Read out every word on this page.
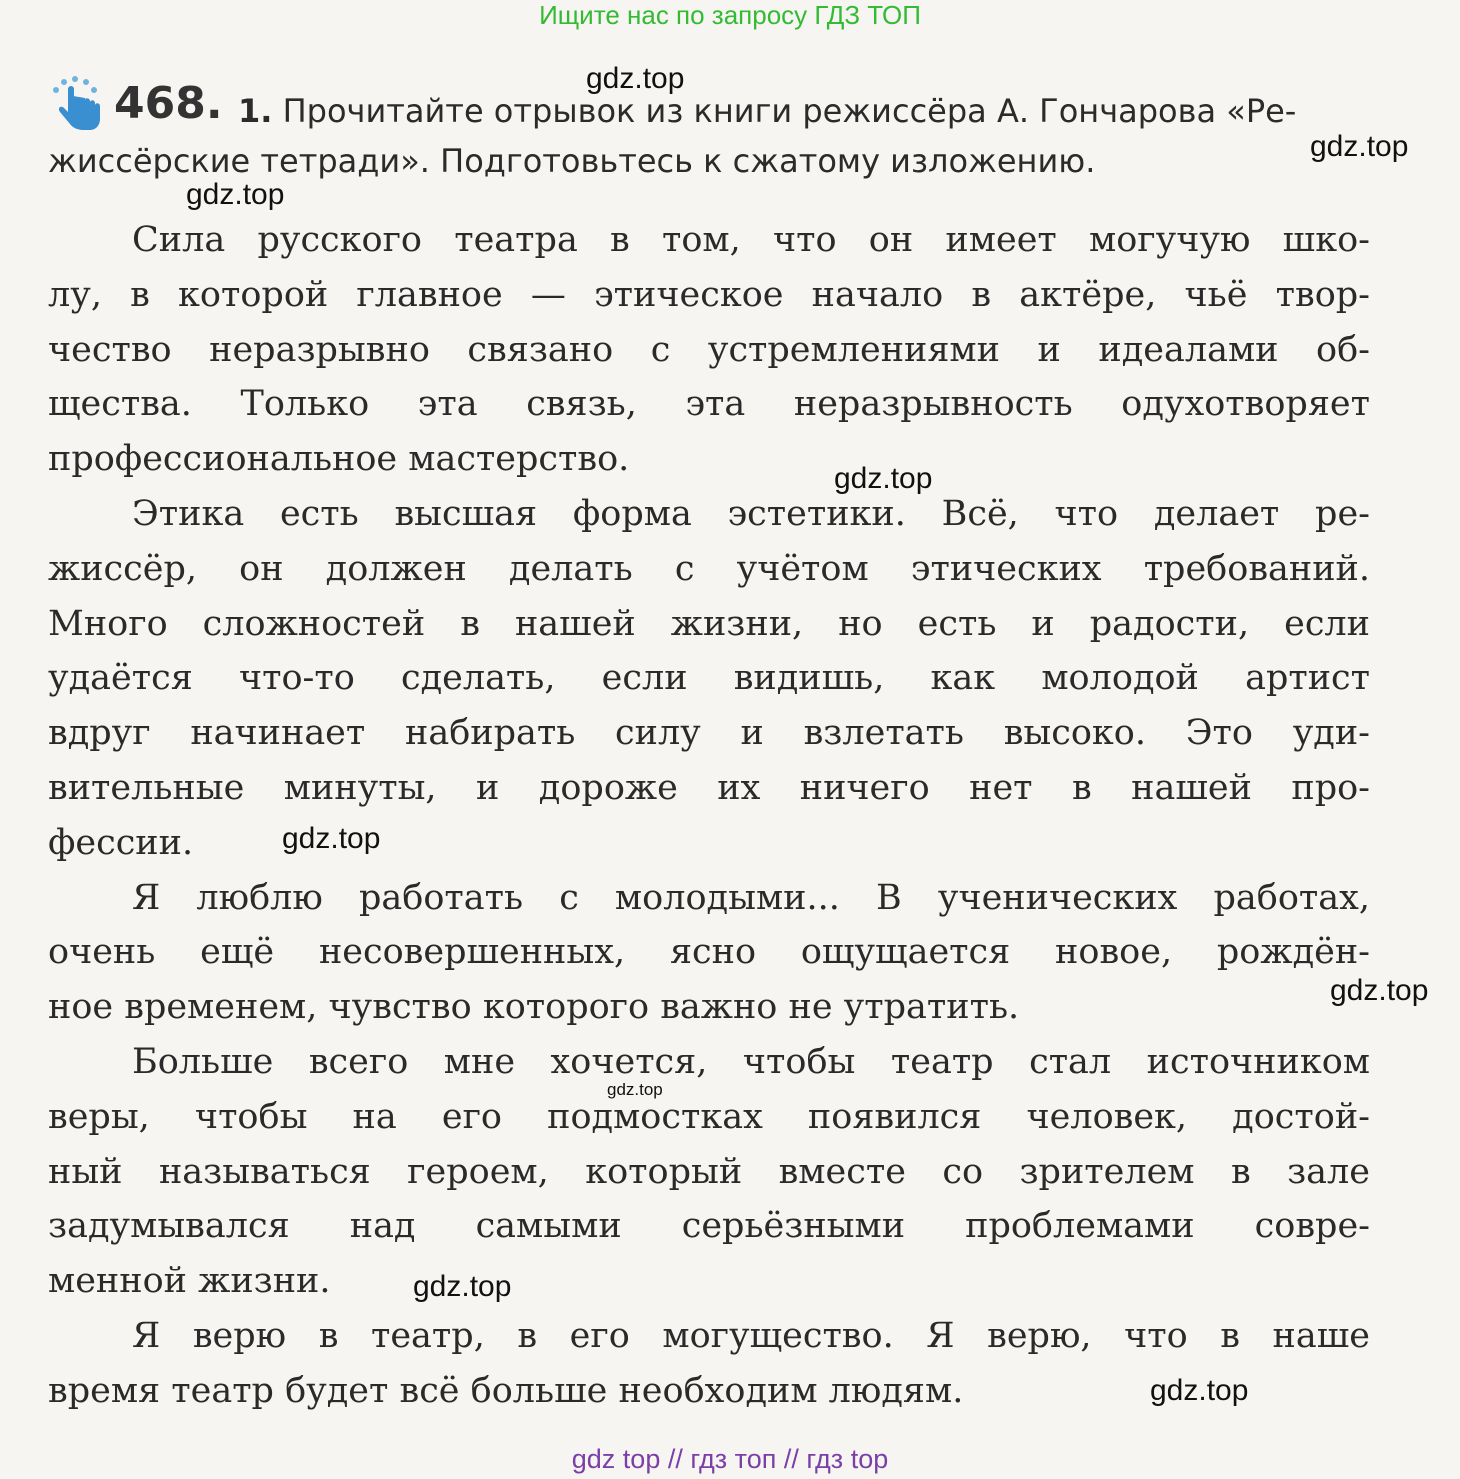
Ищите нас по запросу ГДЗ ТОП
468. 1. Прочитайте отрывок из книги режиссёра А. Гончарова «Ре-
жиссёрские тетради». Подготовьтесь к сжатому изложению.

Сила русского театра в том, что он имеет могучую шко-
лу, в которой главное — этическое начало в актёре, чьё твор-
чество неразрывно связано с устремлениями и идеалами об-
щества. Только эта связь, эта неразрывность одухотворяет
профессиональное мастерство.

Этика есть высшая форма эстетики. Всё, что делает ре-
жиссёр, он должен делать с учётом этических требований.
Много сложностей в нашей жизни, но есть и радости, если
удаётся что-то сделать, если видишь, как молодой артист
вдруг начинает набирать силу и взлетать высоко. Это уди-
вительные минуты, и дороже их ничего нет в нашей про-
фессии.

Я люблю работать с молодыми... В ученических работах,
очень ещё несовершенных, ясно ощущается новое, рождён-
ное временем, чувство которого важно не утратить.

Больше всего мне хочется, чтобы театр стал источником
веры, чтобы на его подмостках появился человек, достой-
ный называться героем, который вместе со зрителем в зале
задумывался над самыми серьёзными проблемами совре-
менной жизни.

Я верю в театр, в его могущество. Я верю, что в наше
время театр будет всё больше необходим людям.

gdz.top
gdz.top
gdz.top
gdz.top
gdz.top
gdz.top
gdz.top
gdz.top
gdz.top
gdz top // гдз топ // гдз top
